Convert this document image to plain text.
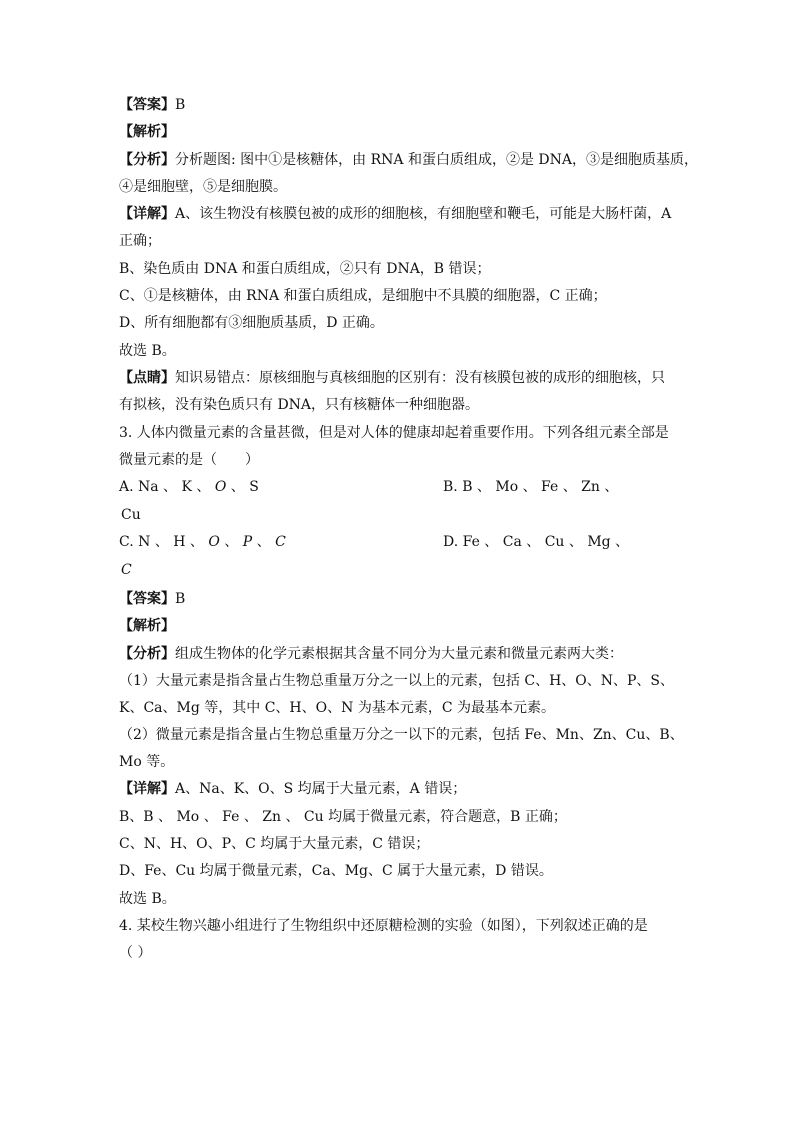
【答案】B
【解析】
【分析】分析题图: 图中①是核糖体，由 RNA 和蛋白质组成，②是 DNA，③是细胞质基质，
④是细胞壁，⑤是细胞膜。
【详解】A、该生物没有核膜包被的成形的细胞核，有细胞壁和鞭毛，可能是大肠杆菌，A
正确；
B、染色质由 DNA 和蛋白质组成，②只有 DNA，B 错误；
C、①是核糖体，由 RNA 和蛋白质组成，是细胞中不具膜的细胞器，C 正确；
D、所有细胞都有③细胞质基质，D 正确。
故选 B。
【点睛】知识易错点：原核细胞与真核细胞的区别有：没有核膜包被的成形的细胞核，只
有拟核，没有染色质只有 DNA，只有核糖体一种细胞器。
3. 人体内微量元素的含量甚微，但是对人体的健康却起着重要作用。下列各组元素全部是
微量元素的是（　　）
A. Na 、 K 、 O 、 S	B. B 、 Mo 、 Fe 、 Zn 、
Cu
C. N 、 H 、 O 、 P 、 C	D. Fe 、 Ca 、 Cu 、 Mg 、
C
【答案】B
【解析】
【分析】组成生物体的化学元素根据其含量不同分为大量元素和微量元素两大类：
（1）大量元素是指含量占生物总重量万分之一以上的元素，包括 C、H、O、N、P、S、
K、Ca、Mg 等，其中 C、H、O、N 为基本元素，C 为最基本元素。
（2）微量元素是指含量占生物总重量万分之一以下的元素，包括 Fe、Mn、Zn、Cu、B、
Mo 等。
【详解】A、Na、K、O、S 均属于大量元素，A 错误；
B、B 、 Mo 、 Fe 、 Zn 、 Cu 均属于微量元素，符合题意，B 正确；
C、N、H、O、P、C 均属于大量元素，C 错误；
D、Fe、Cu 均属于微量元素，Ca、Mg、C 属于大量元素，D 错误。
故选 B。
4. 某校生物兴趣小组进行了生物组织中还原糖检测的实验（如图），下列叙述正确的是
（ ）
